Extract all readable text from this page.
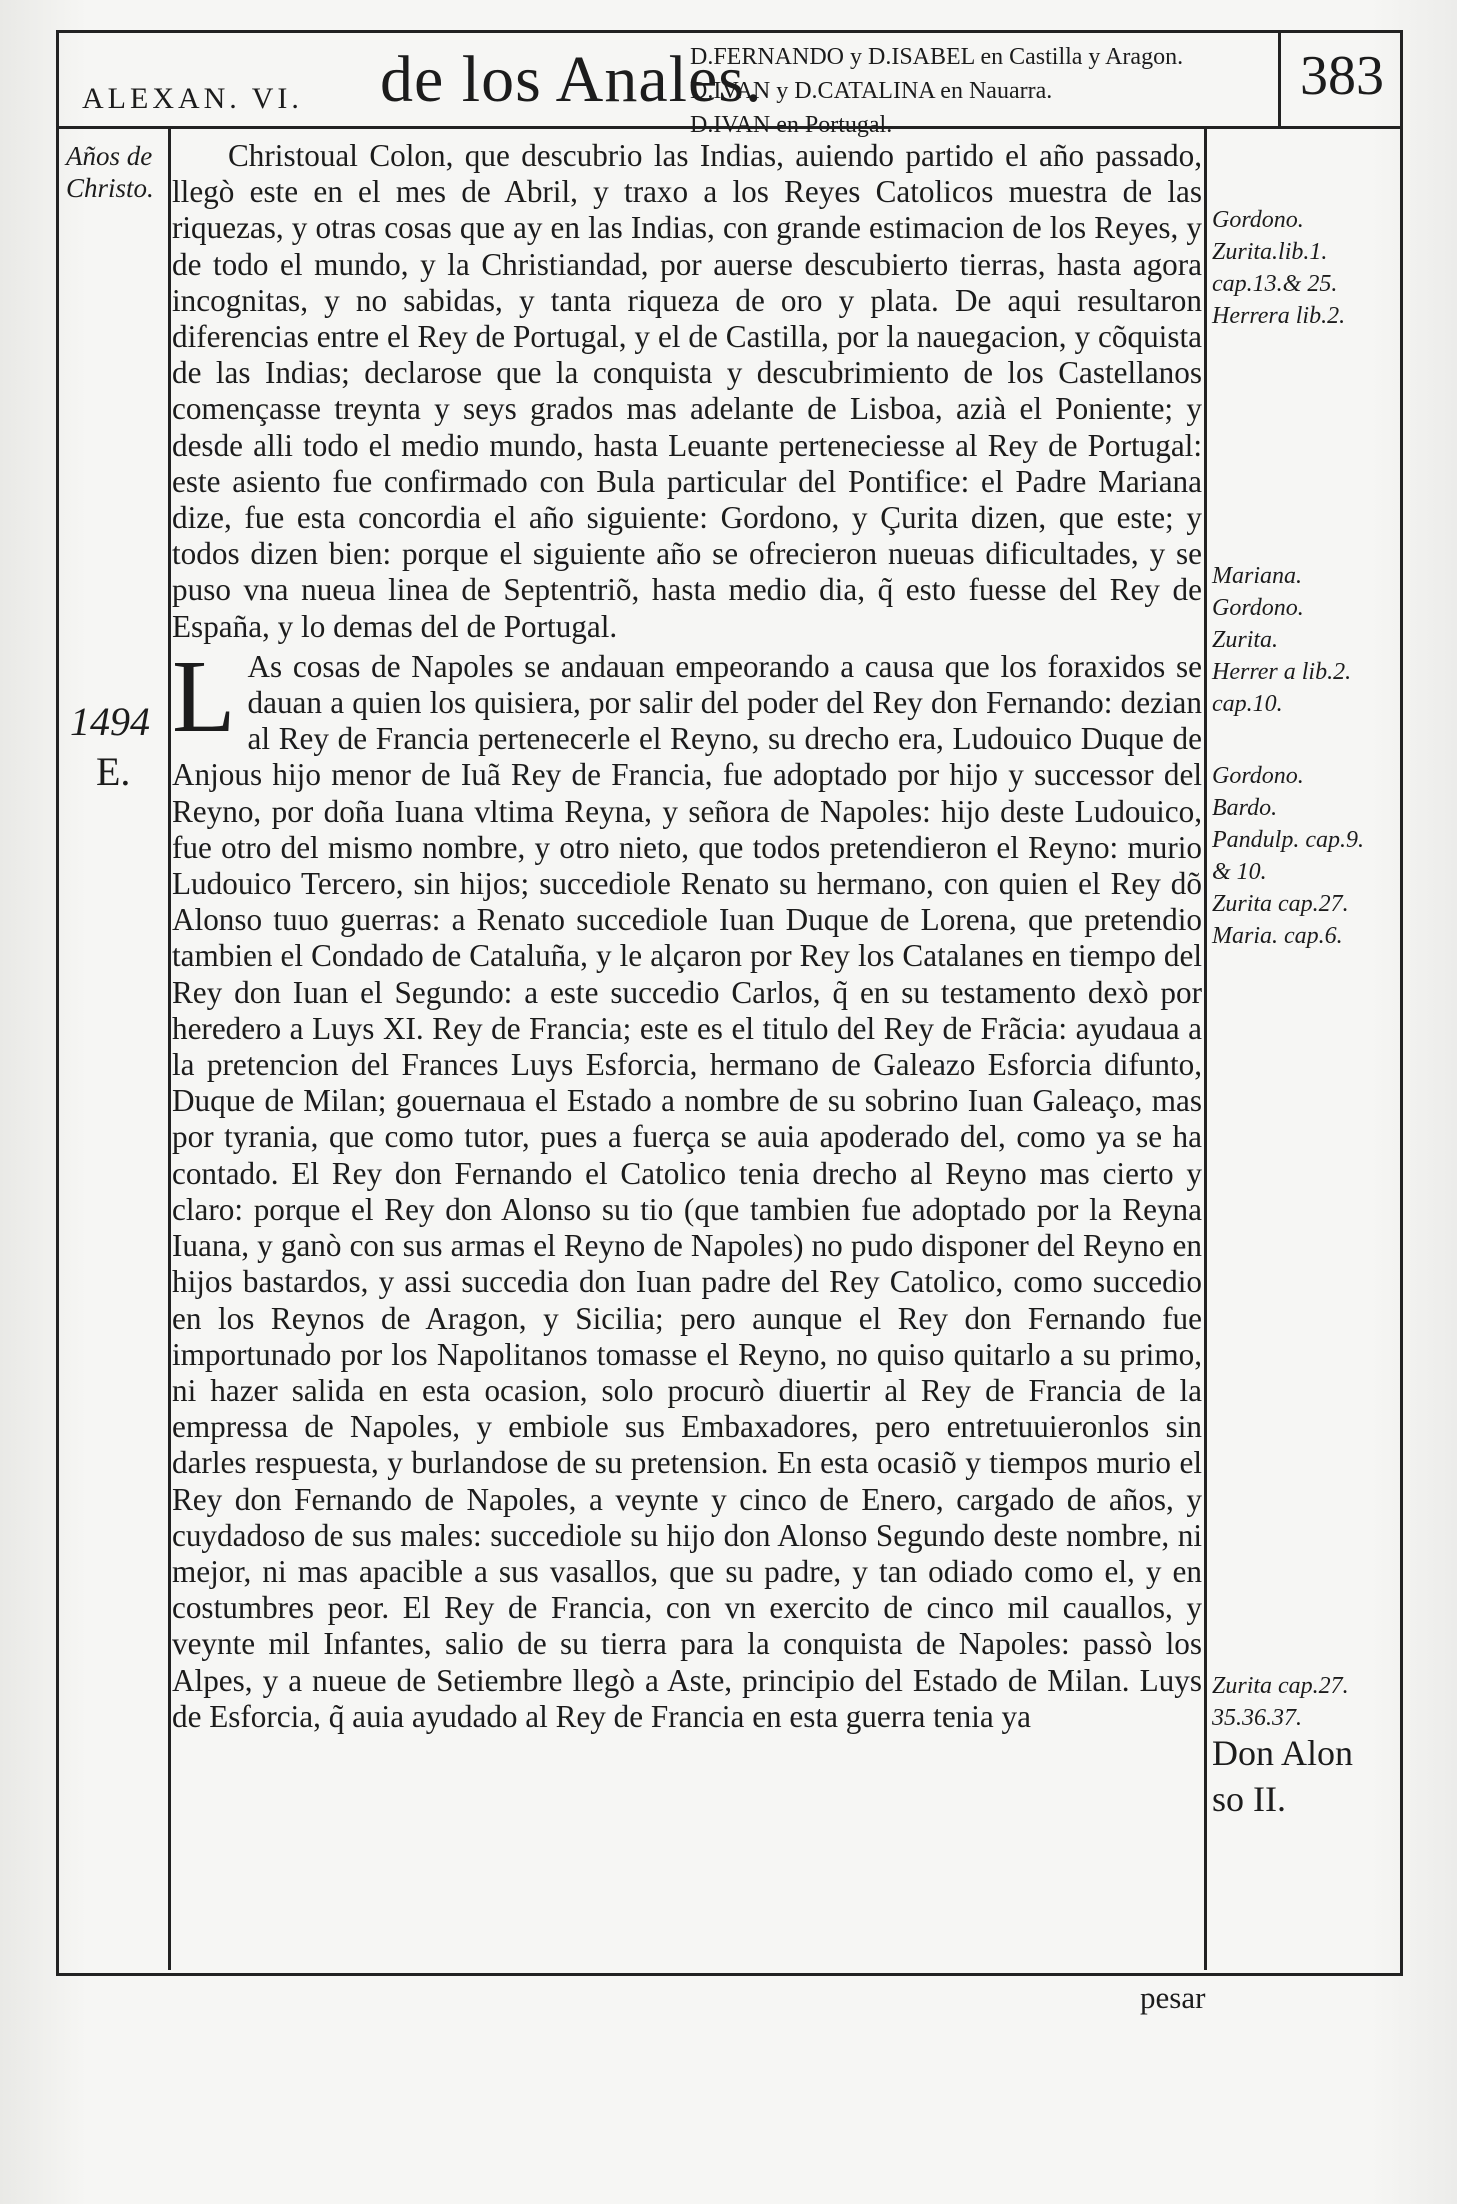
ALEXAN. VI. de los Anales.
D.FERNANDO y D.ISABEL en Castilla y Aragon.
D.IVAN y D.CATALINA en Nauarra.
D.IVAN en Portugal.
383
Años de Christo.
1494
E.

Christoual Colon, que descubrio las Indias, auiendo partido el año passado, llegò este en el mes de Abril, y traxo a los Reyes Catolicos muestra de las riquezas, y otras cosas que ay en las Indias, con grande estimacion de los Reyes, y de todo el mundo, y la Christiandad, por auerse descubierto tierras, hasta agora incognitas, y no sabidas, y tanta riqueza de oro y plata. De aqui resultaron diferencias entre el Rey de Portugal, y el de Castilla, por la nauegacion, y cõquista de las Indias; declarose que la conquista y descubrimiento de los Castellanos començasse treynta y seys grados mas adelante de Lisboa, azià el Poniente; y desde alli todo el medio mundo, hasta Leuante perteneciesse al Rey de Portugal: este asiento fue confirmado con Bula particular del Pontifice: el Padre Mariana dize, fue esta concordia el año siguiente: Gordono, y Çurita dizen, que este; y todos dizen bien: porque el siguiente año se ofrecieron nueuas dificultades, y se puso vna nueua linea de Septentriõ, hasta medio dia, q̃ esto fuesse del Rey de España, y lo demas del de Portugal.

L As cosas de Napoles se andauan empeorando a causa que los foraxidos se dauan a quien los quisiera, por salir del poder del Rey don Fernando: dezian al Rey de Francia pertenecerle el Reyno, su drecho era, Ludouico Duque de Anjous hijo menor de Iuã Rey de Francia, fue adoptado por hijo y successor del Reyno, por doña Iuana vltima Reyna, y señora de Napoles: hijo deste Ludouico, fue otro del mismo nombre, y otro nieto, que todos pretendieron el Reyno: murio Ludouico Tercero, sin hijos; succediole Renato su hermano, con quien el Rey dõ Alonso tuuo guerras: a Renato succediole Iuan Duque de Lorena, que pretendio tambien el Condado de Cataluña, y le alçaron por Rey los Catalanes en tiempo del Rey don Iuan el Segundo: a este succedio Carlos, q̃ en su testamento dexò por heredero a Luys XI. Rey de Francia; este es el titulo del Rey de Frãcia: ayudaua a la pretencion del Frances Luys Esforcia, hermano de Galeazo Esforcia difunto, Duque de Milan; gouernaua el Estado a nombre de su sobrino Iuan Galeaço, mas por tyrania, que como tutor, pues a fuerça se auia apoderado del, como ya se ha contado. El Rey don Fernando el Catolico tenia drecho al Reyno mas cierto y claro: porque el Rey don Alonso su tio (que tambien fue adoptado por la Reyna Iuana, y ganò con sus armas el Reyno de Napoles) no pudo disponer del Reyno en hijos bastardos, y assi succedia don Iuan padre del Rey Catolico, como succedio en los Reynos de Aragon, y Sicilia; pero aunque el Rey don Fernando fue importunado por los Napolitanos tomasse el Reyno, no quiso quitarlo a su primo, ni hazer salida en esta ocasion, solo procurò diuertir al Rey de Francia de la empressa de Napoles, y embiole sus Embaxadores, pero entretuuieronlos sin darles respuesta, y burlandose de su pretension. En esta ocasiõ y tiempos murio el Rey don Fernando de Napoles, a veynte y cinco de Enero, cargado de años, y cuydadoso de sus males: succediole su hijo don Alonso Segundo deste nombre, ni mejor, ni mas apacible a sus vasallos, que su padre, y tan odiado como el, y en costumbres peor. El Rey de Francia, con vn exercito de cinco mil cauallos, y veynte mil Infantes, salio de su tierra para la conquista de Napoles: passò los Alpes, y a nueue de Setiembre llegò a Aste, principio del Estado de Milan. Luys de Esforcia, q̃ auia ayudado al Rey de Francia en esta guerra tenia ya

Gordono.
Zurita.lib.1.
cap.13.& 25.
Herrera lib.2.
Mariana.
Gordono.
Zurita.
Herrer a lib.2.
cap.10.
Gordono.
Bardo.
Pandulp. cap.9.
& 10.
Zurita cap.27.
Maria. cap.6.
Zurita cap.27.
35.36.37.
Don Alon
so II.
pesar
